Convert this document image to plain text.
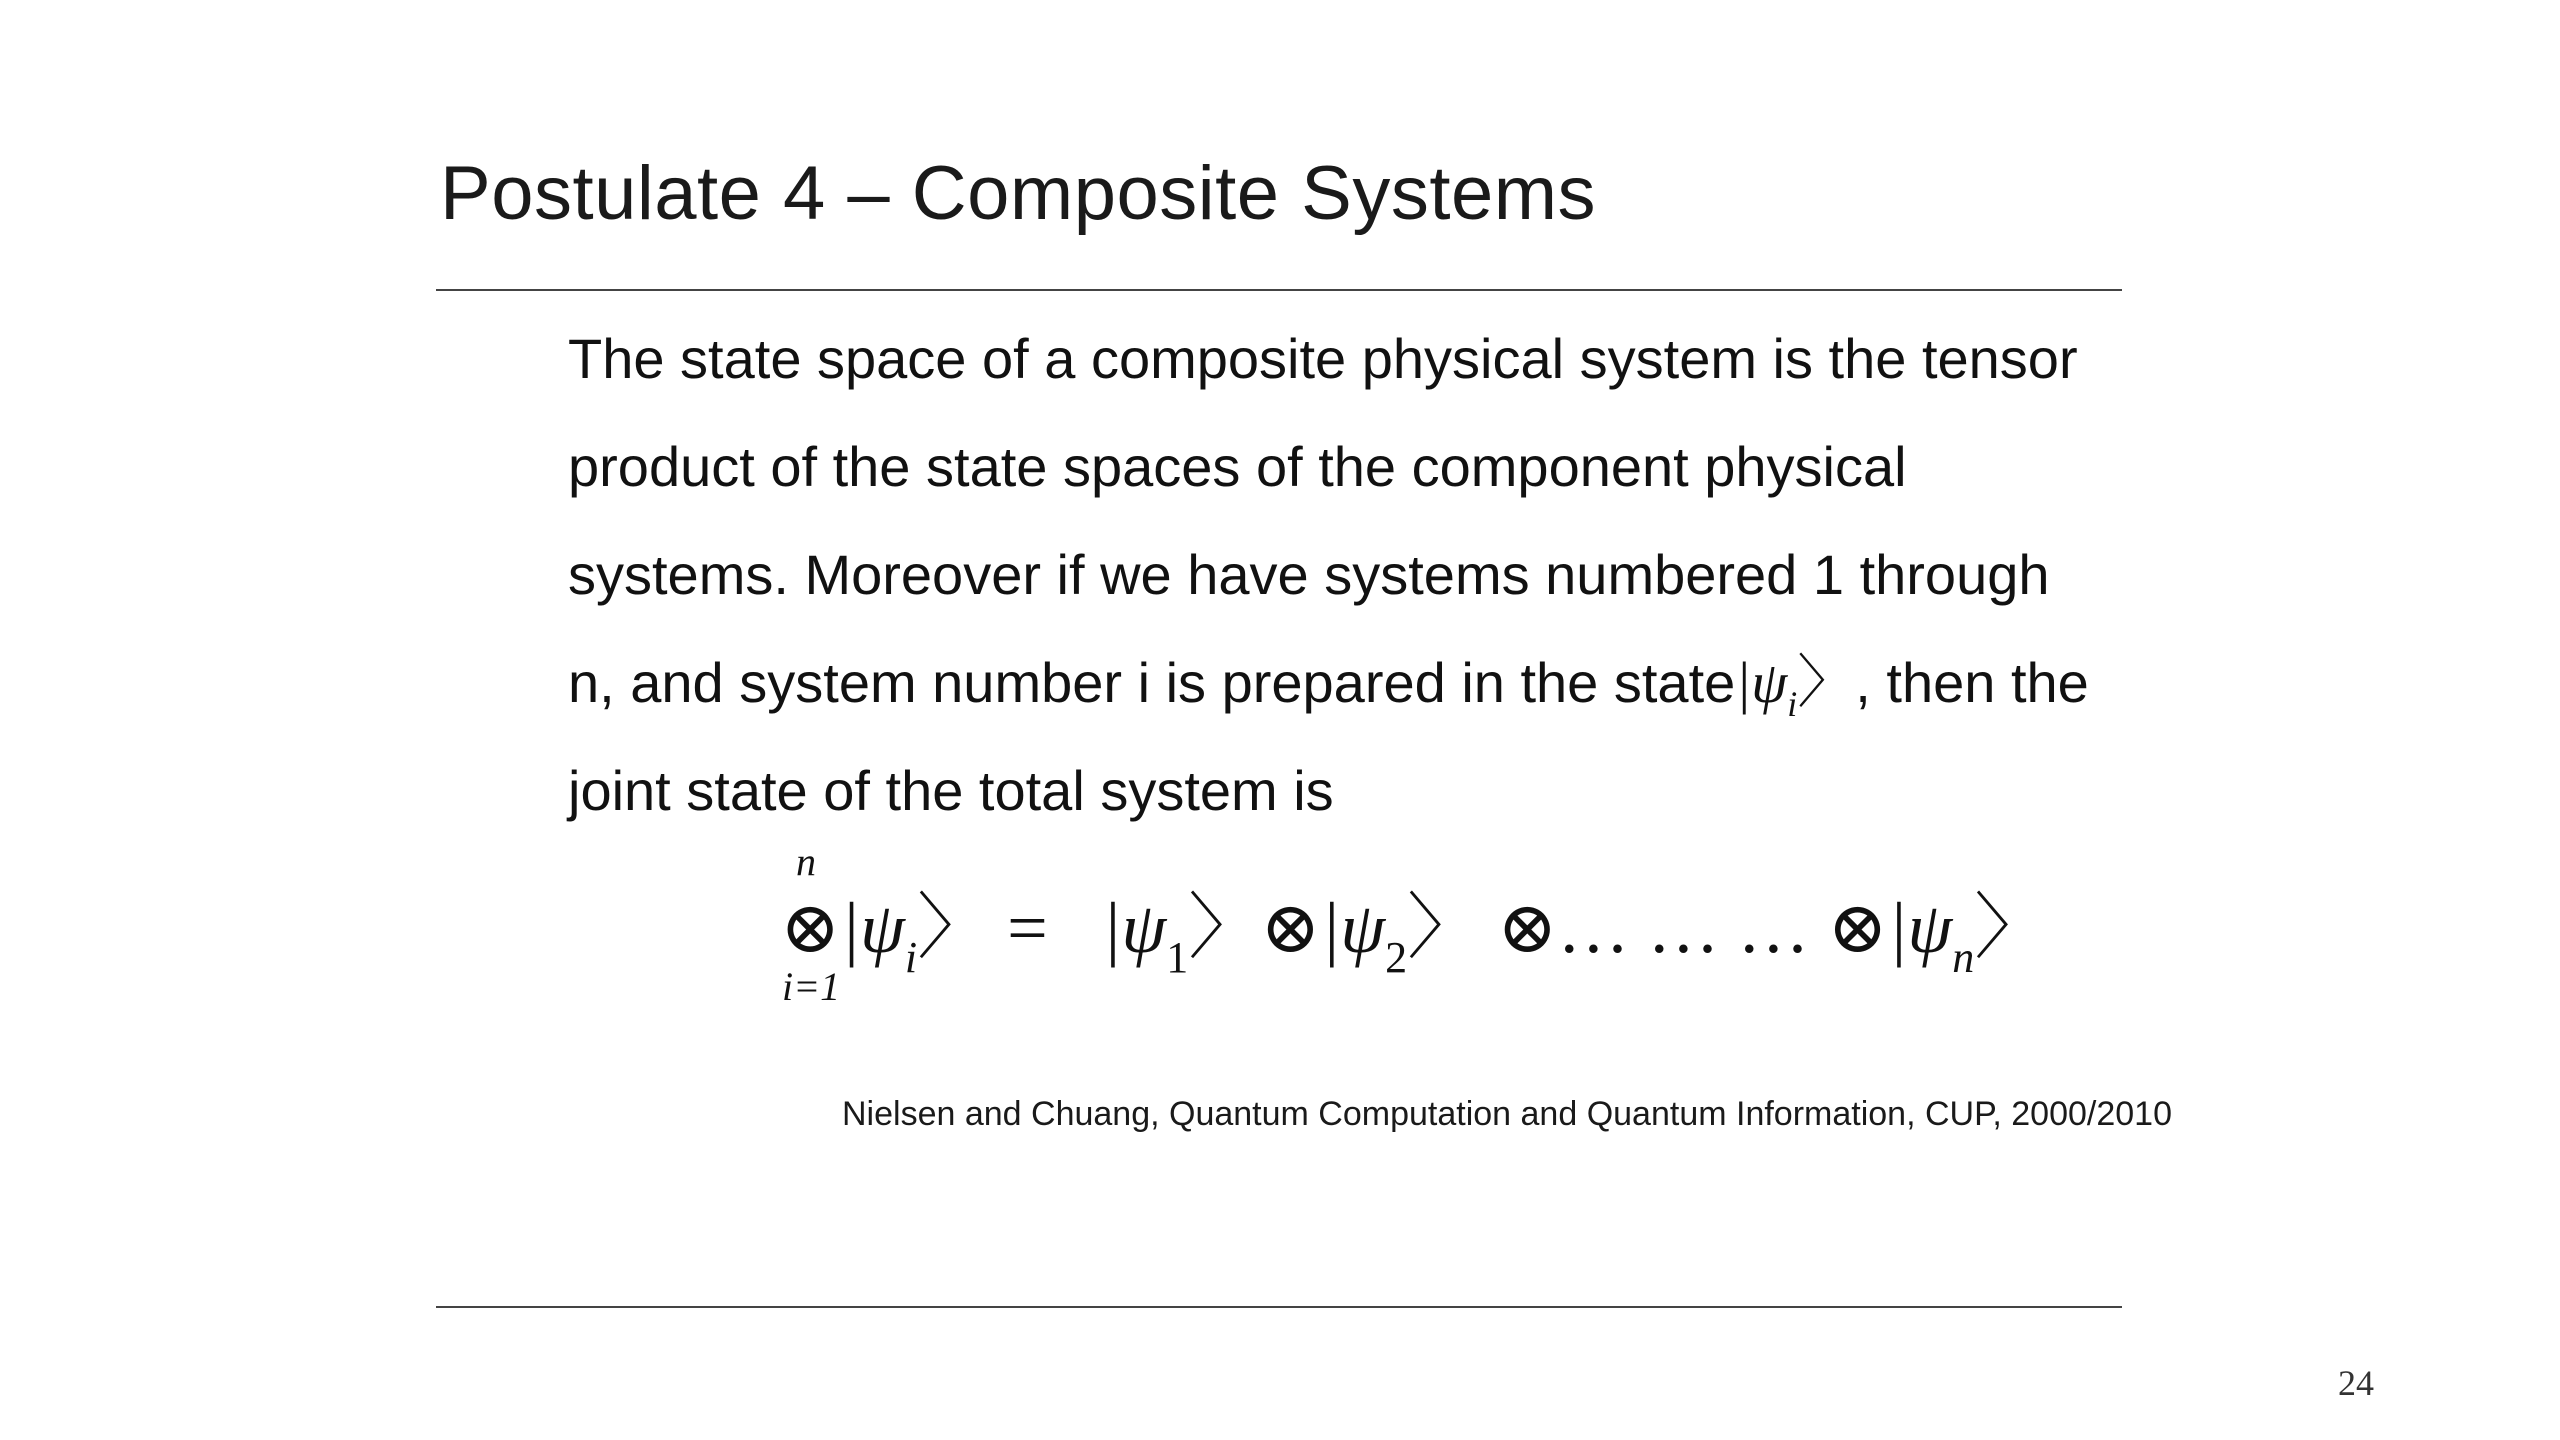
Postulate 4 – Composite Systems
The state space of a composite physical system is the tensor
product of the state spaces of the component physical
systems. Moreover if we have systems numbered 1 through
n, and system number i is prepared in the $state|\psi_i$〉, then the
joint state of the total system is
n
$\otimes|\psi_i$〉 = $|\psi_1$〉$\otimes|\psi_2$〉 ⊗… … … $\otimes|\psi_n$〉
i=1
Nielsen and Chuang, Quantum Computation and Quantum Information, CUP, 2000/2010
24
